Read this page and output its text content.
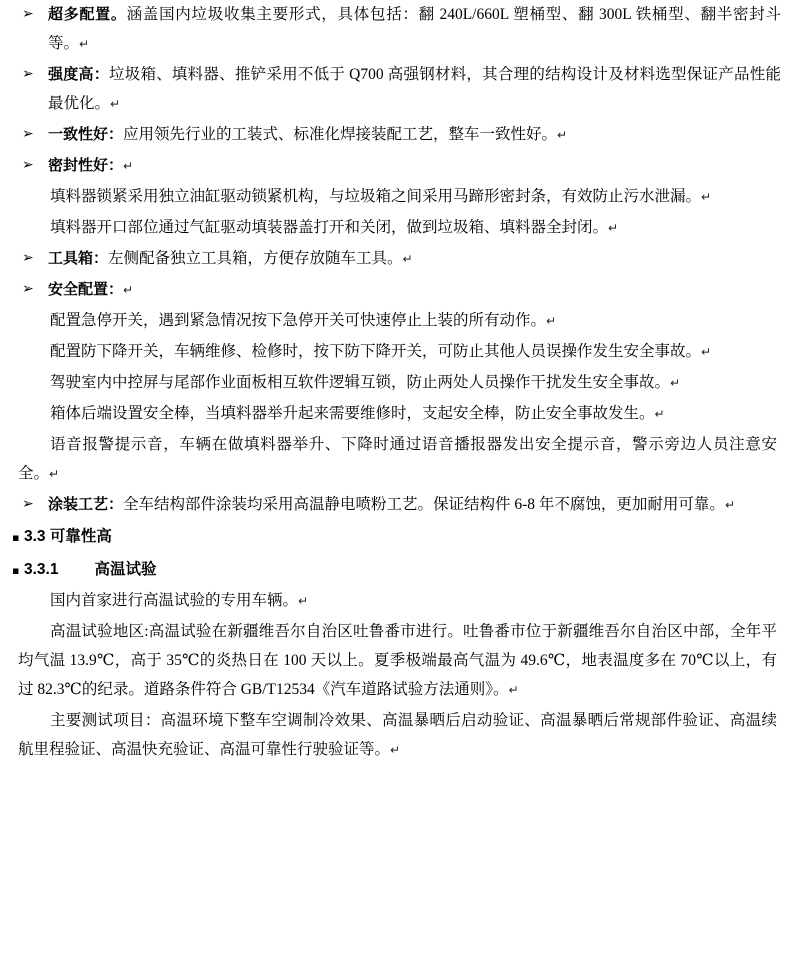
➢ 超多配置。涵盖国内垃圾收集主要形式，具体包括：翻 240L/660L 塑桶型、翻 300L 铁桶型、翻半密封斗等。↵
➢ 强度高：垃圾箱、填料器、推铲采用不低于 Q700 高强钢材料，其合理的结构设计及材料选型保证产品性能最优化。↵
➢ 一致性好：应用领先行业的工装式、标准化焊接装配工艺，整车一致性好。↵
➢ 密封性好：↵
填料器锁紧采用独立油缸驱动锁紧机构，与垃圾箱之间采用马蹄形密封条，有效防止污水泄漏。↵
填料器开口部位通过气缸驱动填装器盖打开和关闭，做到垃圾箱、填料器全封闭。↵
➢ 工具箱：左侧配备独立工具箱，方便存放随车工具。↵
➢ 安全配置：↵
配置急停开关，遇到紧急情况按下急停开关可快速停止上装的所有动作。↵
配置防下降开关，车辆维修、检修时，按下防下降开关，可防止其他人员误操作发生安全事故。↵
驾驶室内中控屏与尾部作业面板相互软件逻辑互锁，防止两处人员操作干扰发生安全事故。↵
箱体后端设置安全棒，当填料器举升起来需要维修时，支起安全棒，防止安全事故发生。↵
语音报警提示音，车辆在做填料器举升、下降时通过语音播报器发出安全提示音，警示旁边人员注意安全。↵
➢ 涂装工艺：全车结构部件涂装均采用高温静电喷粉工艺。保证结构件 6-8 年不腐蚀，更加耐用可靠。↵
▪ 3.3 可靠性高
▪ 3.3.1 高温试验
国内首家进行高温试验的专用车辆。↵
高温试验地区:高温试验在新疆维吾尔自治区吐鲁番市进行。吐鲁番市位于新疆维吾尔自治区中部，全年平均气温 13.9℃，高于 35℃的炎热日在 100 天以上。夏季极端最高气温为 49.6℃，地表温度多在 70℃以上，有过 82.3℃的纪录。道路条件符合 GB/T12534《汽车道路试验方法通则》。↵
主要测试项目：高温环境下整车空调制冷效果、高温暴晒后启动验证、高温暴晒后常规部件验证、高温续航里程验证、高温快充验证、高温可靠性行驶验证等。↵
